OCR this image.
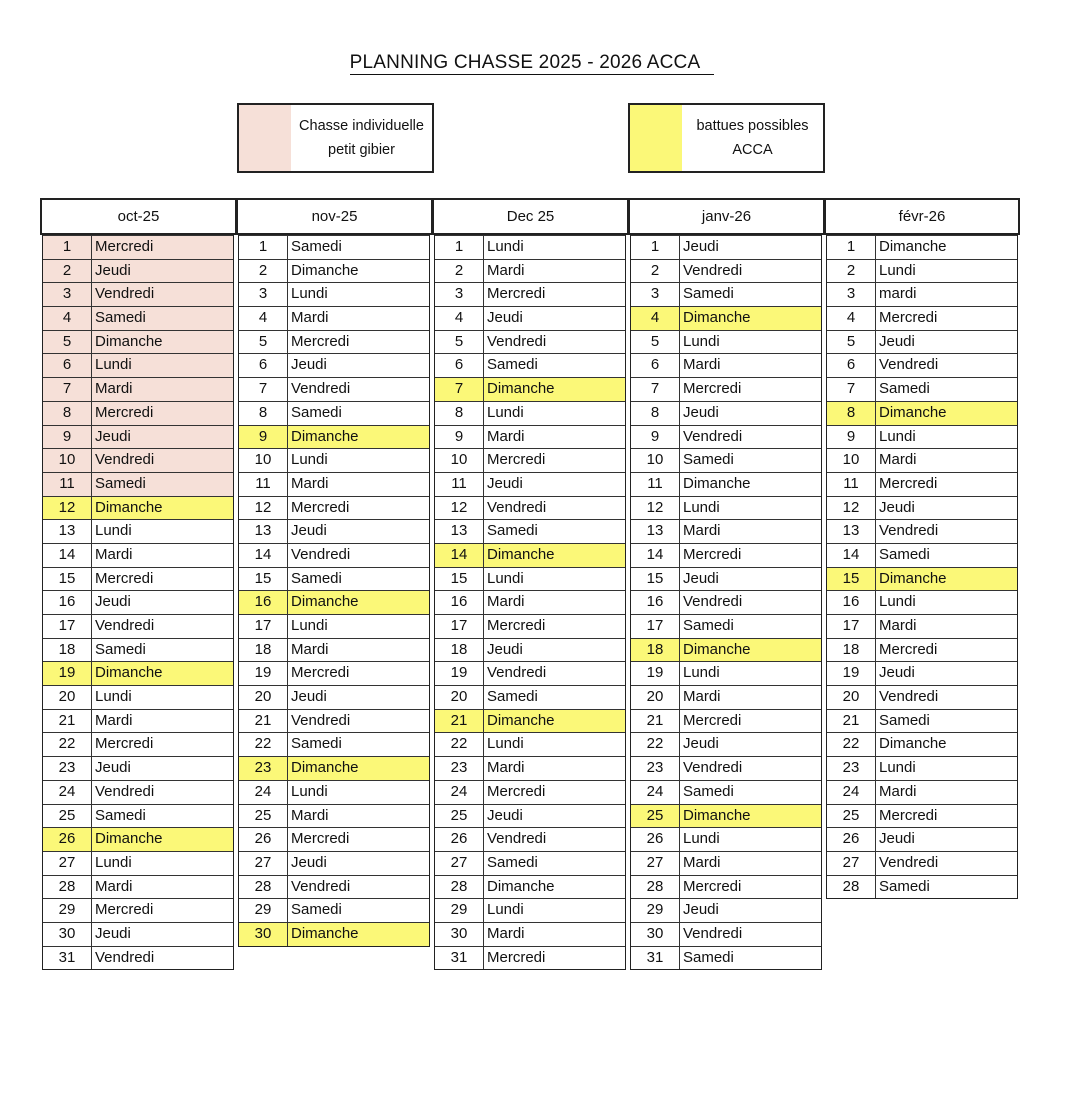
PLANNING CHASSE 2025 - 2026 ACCA
Chasse individuelle
petit gibier
battues possibles
ACCA
oct-25
1	Mercredi
2	Jeudi
3	Vendredi
4	Samedi
5	Dimanche
6	Lundi
7	Mardi
8	Mercredi
9	Jeudi
10	Vendredi
11	Samedi
12	Dimanche
13	Lundi
14	Mardi
15	Mercredi
16	Jeudi
17	Vendredi
18	Samedi
19	Dimanche
20	Lundi
21	Mardi
22	Mercredi
23	Jeudi
24	Vendredi
25	Samedi
26	Dimanche
27	Lundi
28	Mardi
29	Mercredi
30	Jeudi
31	Vendredi
nov-25
1	Samedi
2	Dimanche
3	Lundi
4	Mardi
5	Mercredi
6	Jeudi
7	Vendredi
8	Samedi
9	Dimanche
10	Lundi
11	Mardi
12	Mercredi
13	Jeudi
14	Vendredi
15	Samedi
16	Dimanche
17	Lundi
18	Mardi
19	Mercredi
20	Jeudi
21	Vendredi
22	Samedi
23	Dimanche
24	Lundi
25	Mardi
26	Mercredi
27	Jeudi
28	Vendredi
29	Samedi
30	Dimanche
Dec 25
1	Lundi
2	Mardi
3	Mercredi
4	Jeudi
5	Vendredi
6	Samedi
7	Dimanche
8	Lundi
9	Mardi
10	Mercredi
11	Jeudi
12	Vendredi
13	Samedi
14	Dimanche
15	Lundi
16	Mardi
17	Mercredi
18	Jeudi
19	Vendredi
20	Samedi
21	Dimanche
22	Lundi
23	Mardi
24	Mercredi
25	Jeudi
26	Vendredi
27	Samedi
28	Dimanche
29	Lundi
30	Mardi
31	Mercredi
janv-26
1	Jeudi
2	Vendredi
3	Samedi
4	Dimanche
5	Lundi
6	Mardi
7	Mercredi
8	Jeudi
9	Vendredi
10	Samedi
11	Dimanche
12	Lundi
13	Mardi
14	Mercredi
15	Jeudi
16	Vendredi
17	Samedi
18	Dimanche
19	Lundi
20	Mardi
21	Mercredi
22	Jeudi
23	Vendredi
24	Samedi
25	Dimanche
26	Lundi
27	Mardi
28	Mercredi
29	Jeudi
30	Vendredi
31	Samedi
févr-26
1	Dimanche
2	Lundi
3	mardi
4	Mercredi
5	Jeudi
6	Vendredi
7	Samedi
8	Dimanche
9	Lundi
10	Mardi
11	Mercredi
12	Jeudi
13	Vendredi
14	Samedi
15	Dimanche
16	Lundi
17	Mardi
18	Mercredi
19	Jeudi
20	Vendredi
21	Samedi
22	Dimanche
23	Lundi
24	Mardi
25	Mercredi
26	Jeudi
27	Vendredi
28	Samedi
